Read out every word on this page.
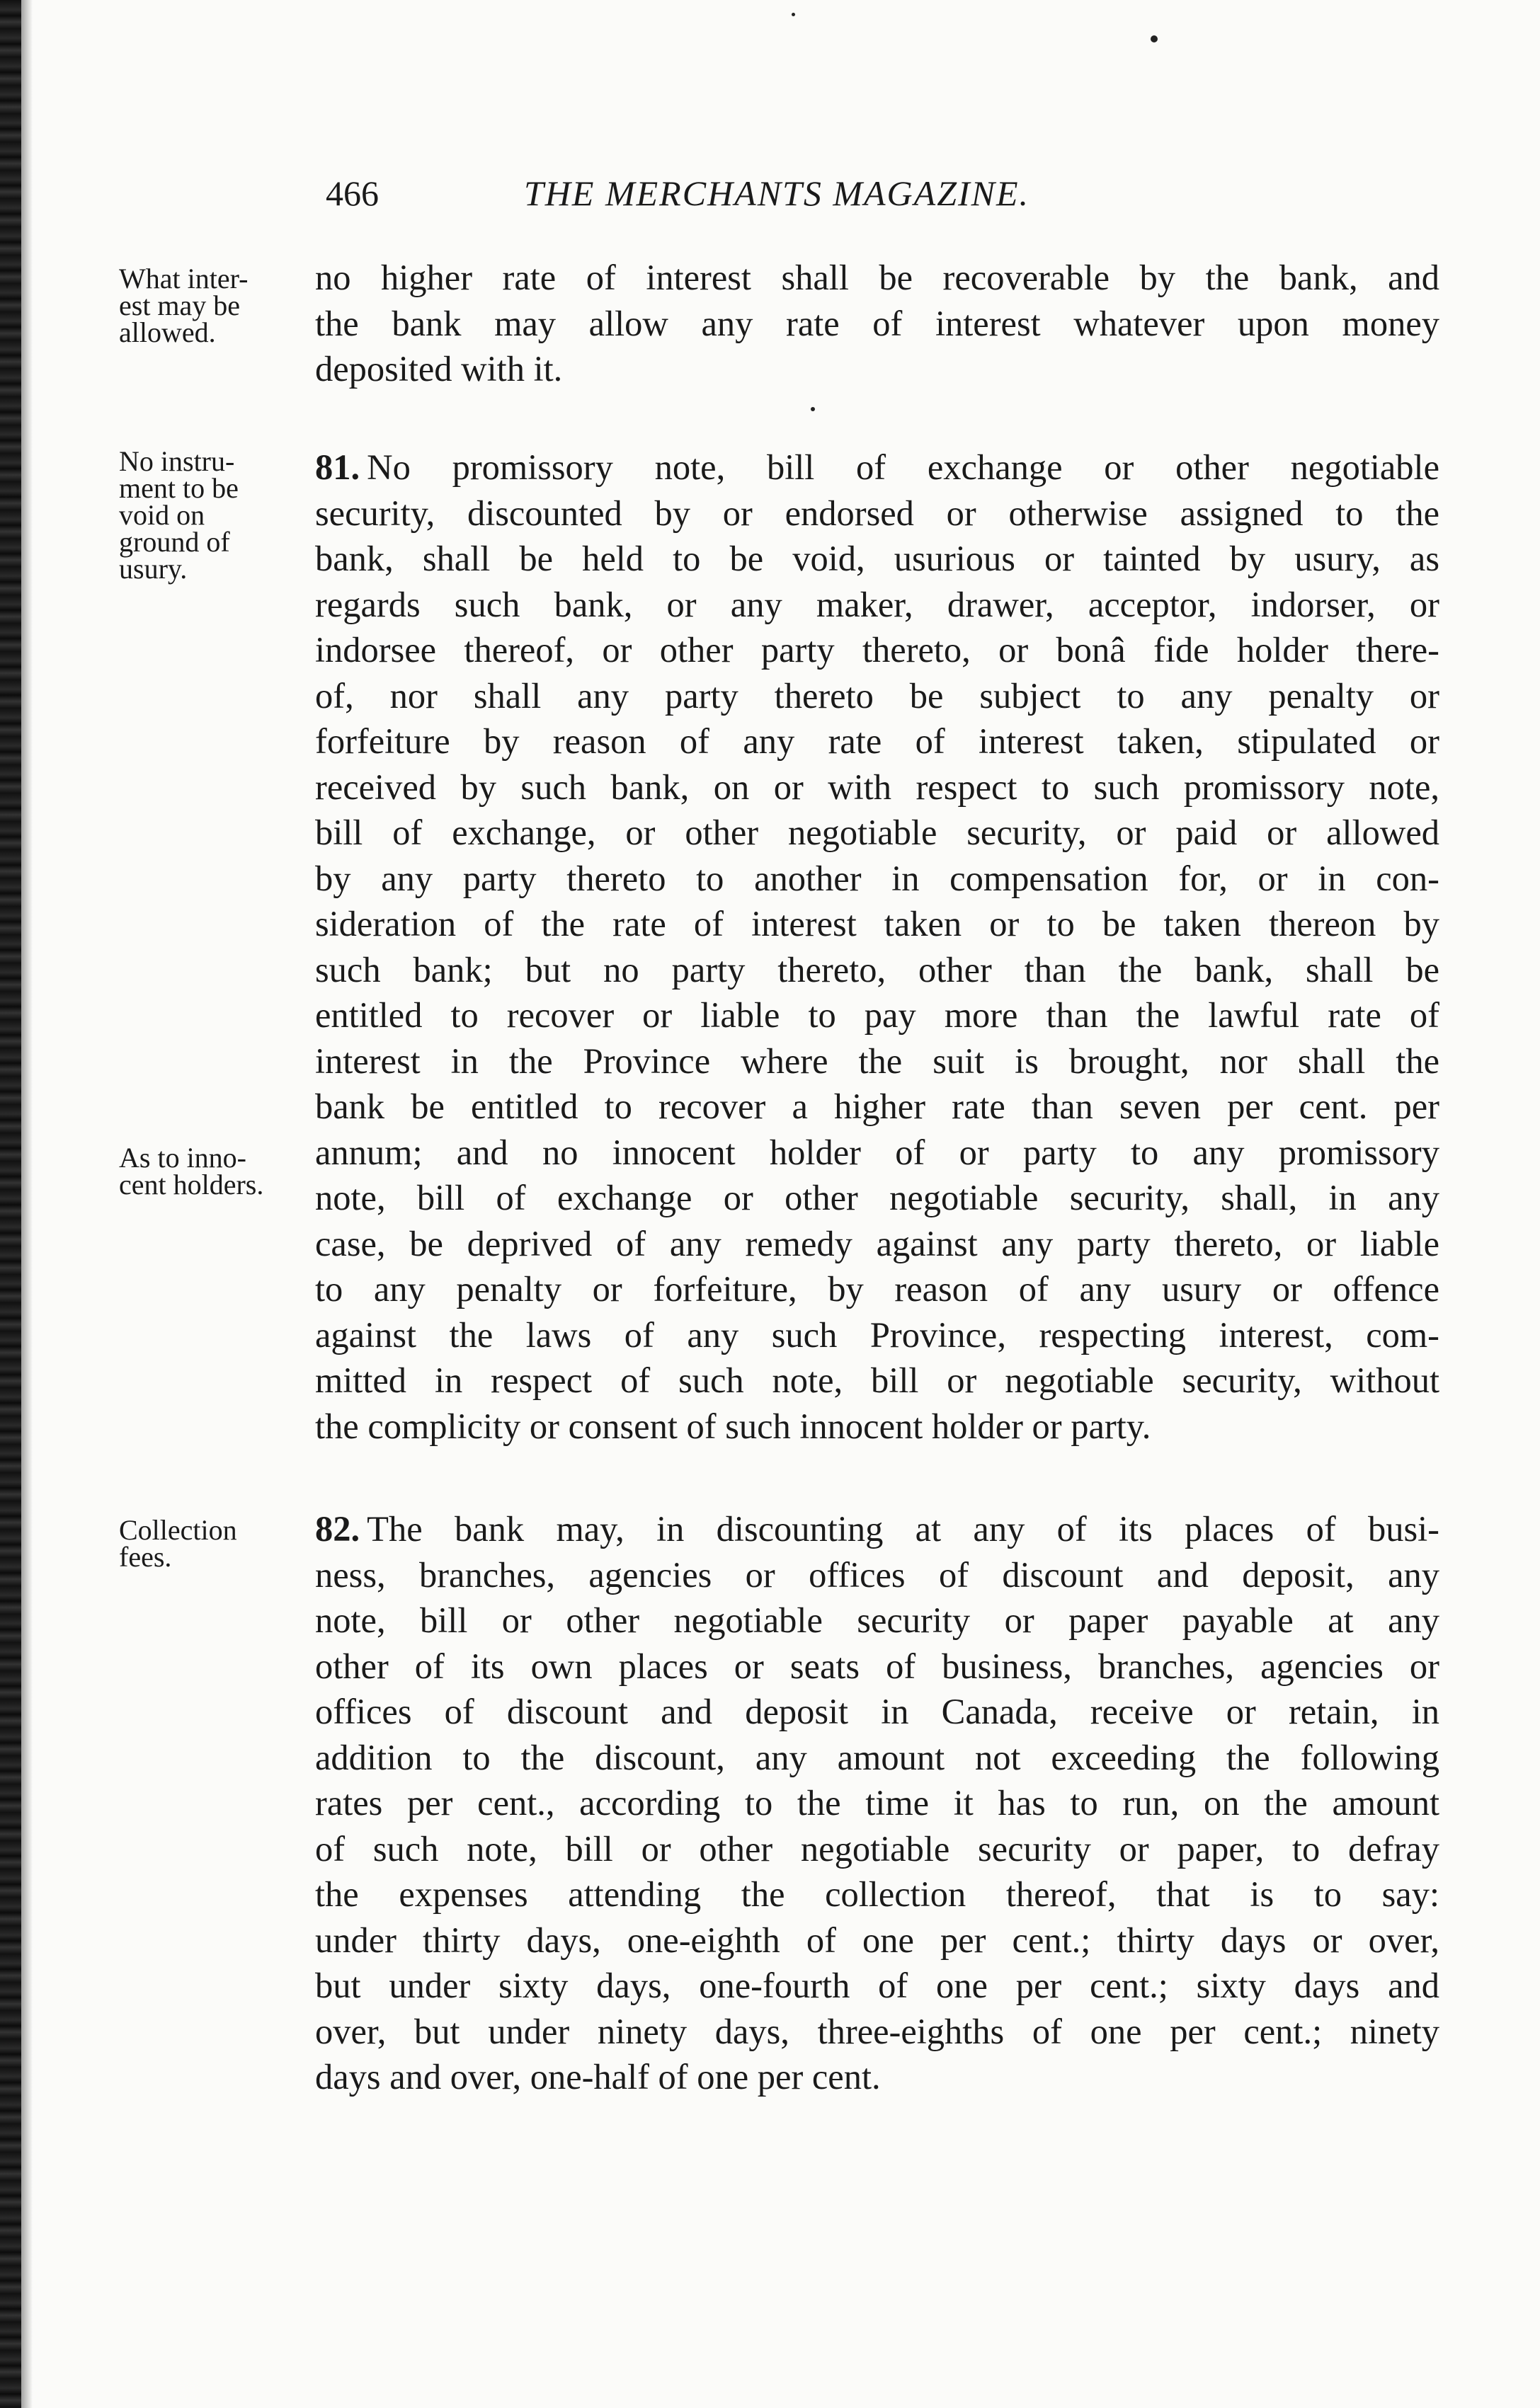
466	THE MERCHANTS MAGAZINE.
What inter-
est may be
allowed.
No instru-
ment to be
void on
ground of
usury.
As to inno-
cent holders.
Collection
fees.
no higher rate of interest shall be recoverable by the bank, and
the bank may allow any rate of interest whatever upon money
deposited with it.
81. No promissory note, bill of exchange or other negotiable
security, discounted by or endorsed or otherwise assigned to the
bank, shall be held to be void, usurious or tainted by usury, as
regards such bank, or any maker, drawer, acceptor, indorser, or
indorsee thereof, or other party thereto, or bonâ fide holder there-
of, nor shall any party thereto be subject to any penalty or
forfeiture by reason of any rate of interest taken, stipulated or
received by such bank, on or with respect to such promissory note,
bill of exchange, or other negotiable security, or paid or allowed
by any party thereto to another in compensation for, or in con-
sideration of the rate of interest taken or to be taken thereon by
such bank; but no party thereto, other than the bank, shall be
entitled to recover or liable to pay more than the lawful rate of
interest in the Province where the suit is brought, nor shall the
bank be entitled to recover a higher rate than seven per cent. per
annum; and no innocent holder of or party to any promissory
note, bill of exchange or other negotiable security, shall, in any
case, be deprived of any remedy against any party thereto, or liable
to any penalty or forfeiture, by reason of any usury or offence
against the laws of any such Province, respecting interest, com-
mitted in respect of such note, bill or negotiable security, without
the complicity or consent of such innocent holder or party.
82. The bank may, in discounting at any of its places of busi-
ness, branches, agencies or offices of discount and deposit, any
note, bill or other negotiable security or paper payable at any
other of its own places or seats of business, branches, agencies or
offices of discount and deposit in Canada, receive or retain, in
addition to the discount, any amount not exceeding the following
rates per cent., according to the time it has to run, on the amount
of such note, bill or other negotiable security or paper, to defray
the expenses attending the collection thereof, that is to say:
under thirty days, one-eighth of one per cent.; thirty days or over,
but under sixty days, one-fourth of one per cent.; sixty days and
over, but under ninety days, three-eighths of one per cent.; ninety
days and over, one-half of one per cent.
